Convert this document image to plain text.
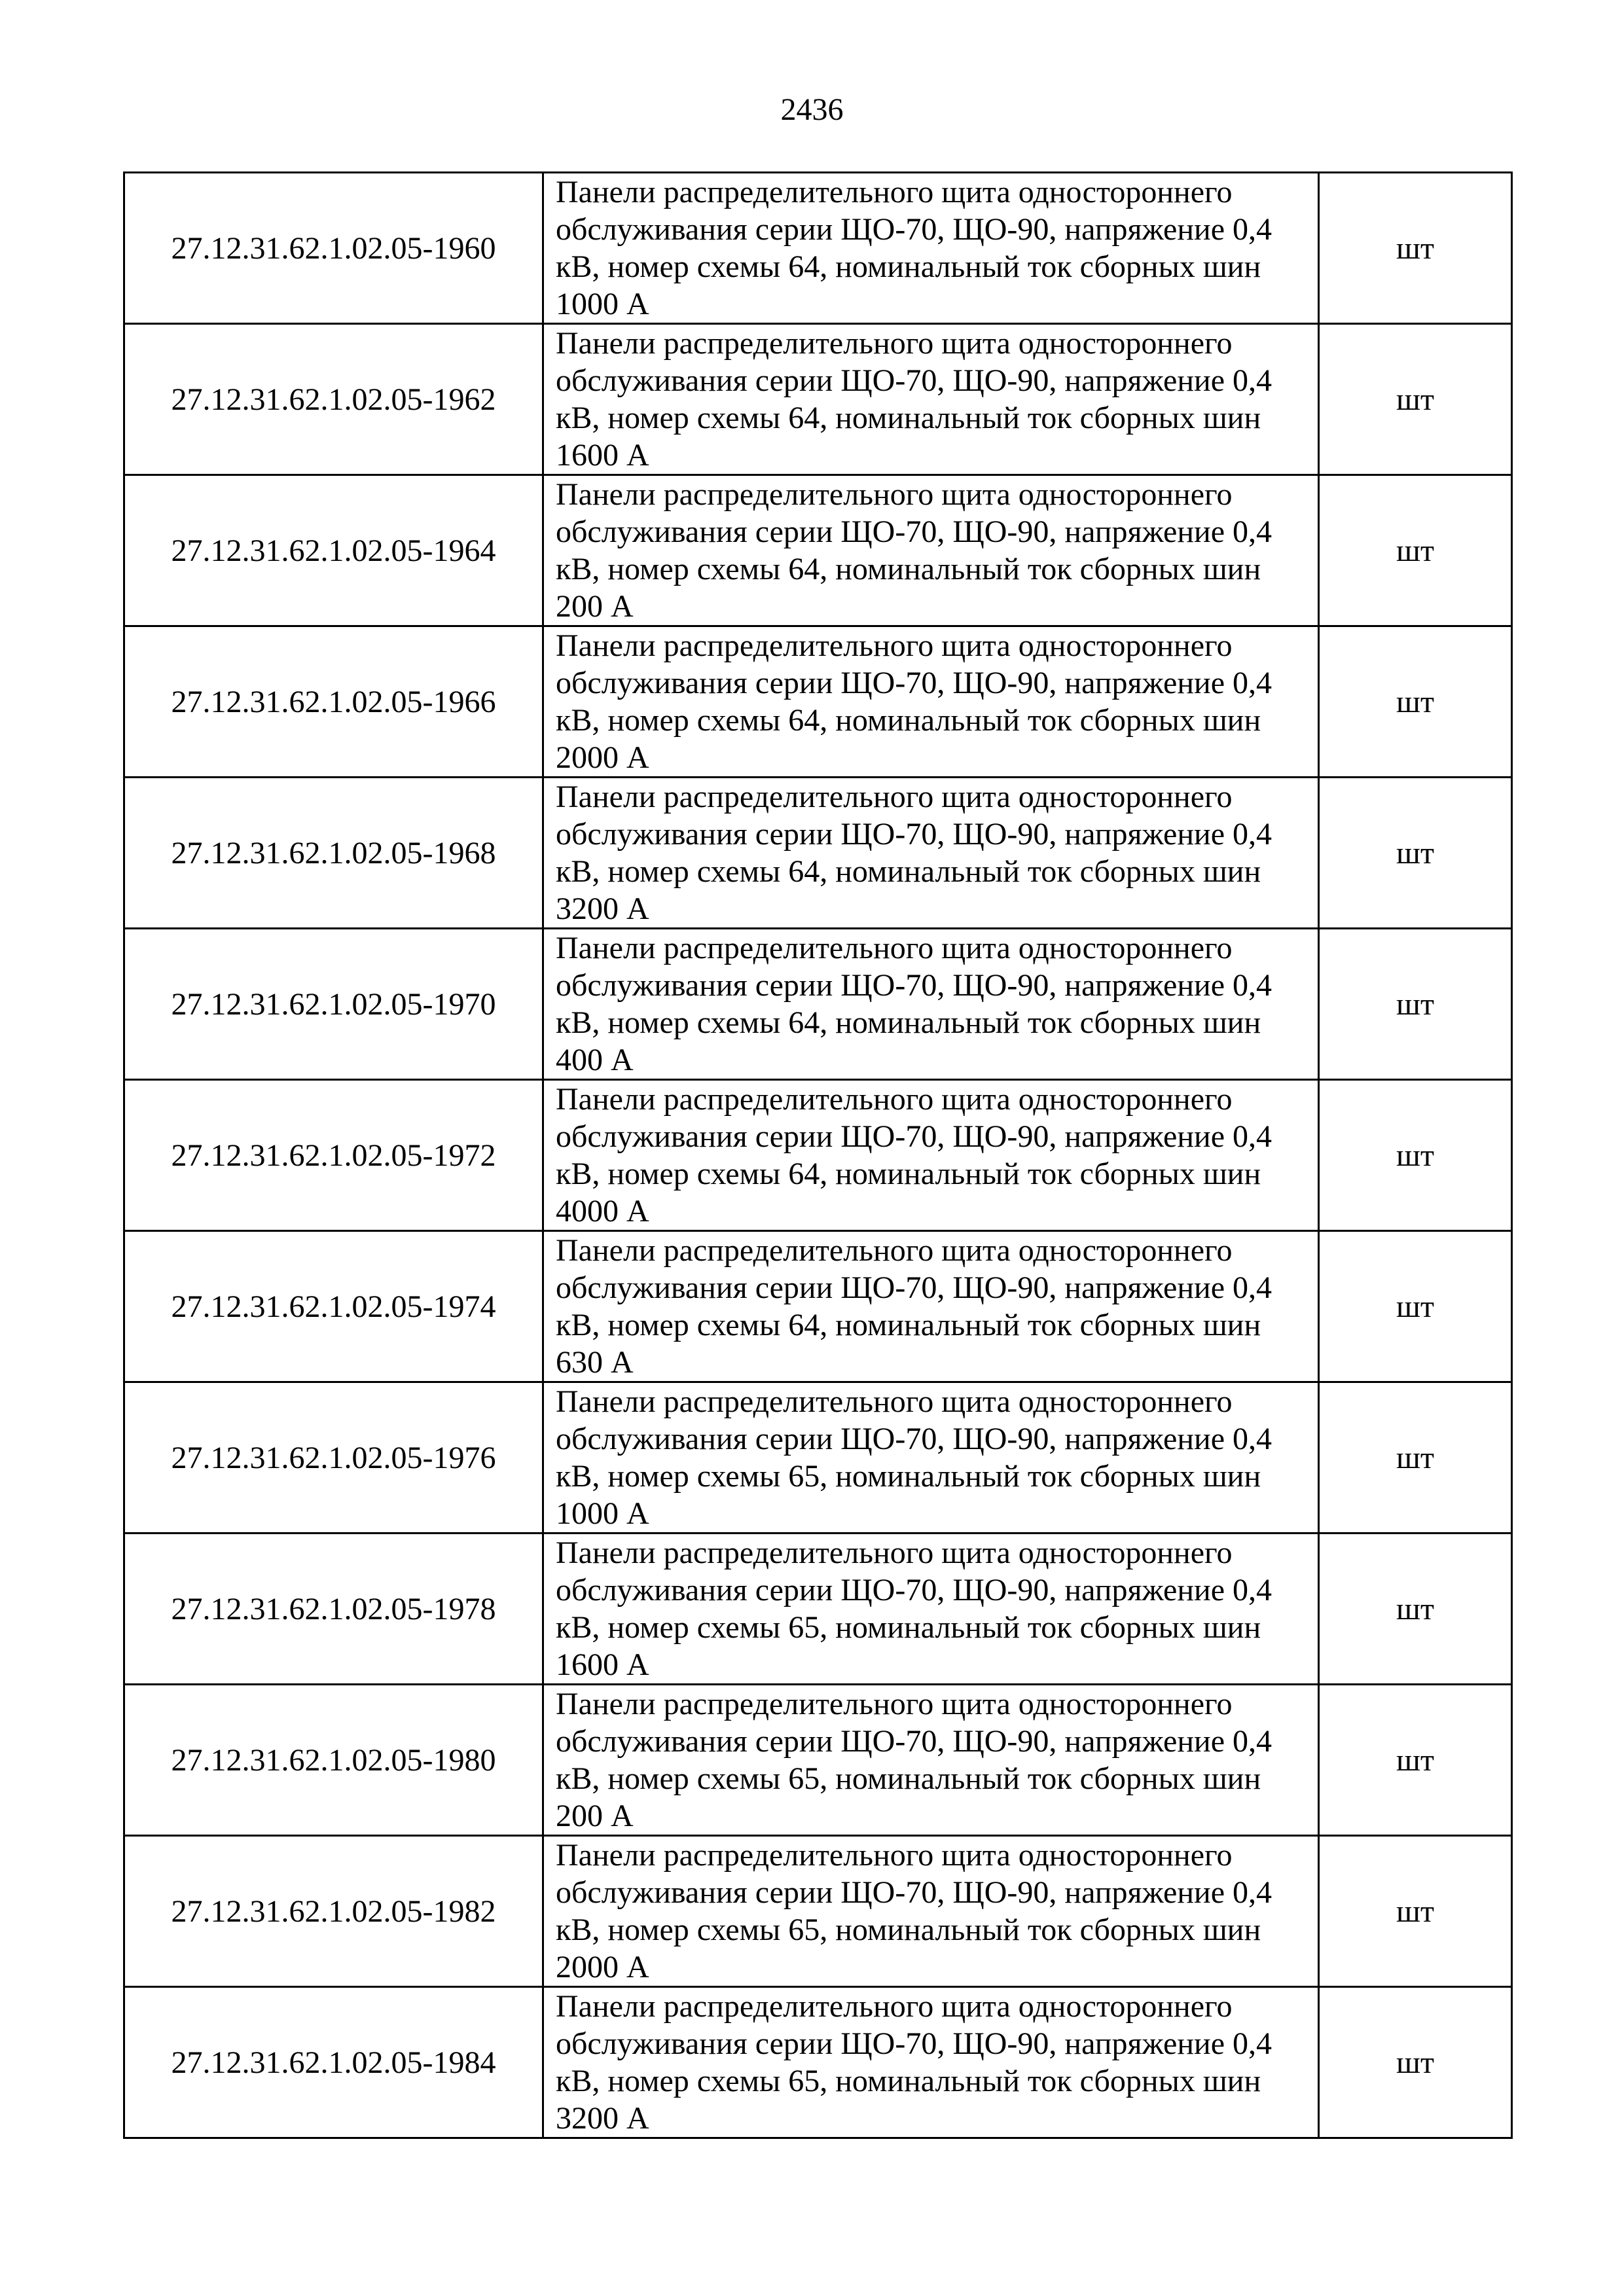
2436
27.12.31.62.1.02.05-1960	Панели распределительного щита одностороннего
обслуживания серии ЩО-70, ЩО-90, напряжение 0,4
кВ, номер схемы 64, номинальный ток сборных шин
1000 А	шт
27.12.31.62.1.02.05-1962	Панели распределительного щита одностороннего
обслуживания серии ЩО-70, ЩО-90, напряжение 0,4
кВ, номер схемы 64, номинальный ток сборных шин
1600 А	шт
27.12.31.62.1.02.05-1964	Панели распределительного щита одностороннего
обслуживания серии ЩО-70, ЩО-90, напряжение 0,4
кВ, номер схемы 64, номинальный ток сборных шин
200 А	шт
27.12.31.62.1.02.05-1966	Панели распределительного щита одностороннего
обслуживания серии ЩО-70, ЩО-90, напряжение 0,4
кВ, номер схемы 64, номинальный ток сборных шин
2000 А	шт
27.12.31.62.1.02.05-1968	Панели распределительного щита одностороннего
обслуживания серии ЩО-70, ЩО-90, напряжение 0,4
кВ, номер схемы 64, номинальный ток сборных шин
3200 А	шт
27.12.31.62.1.02.05-1970	Панели распределительного щита одностороннего
обслуживания серии ЩО-70, ЩО-90, напряжение 0,4
кВ, номер схемы 64, номинальный ток сборных шин
400 А	шт
27.12.31.62.1.02.05-1972	Панели распределительного щита одностороннего
обслуживания серии ЩО-70, ЩО-90, напряжение 0,4
кВ, номер схемы 64, номинальный ток сборных шин
4000 А	шт
27.12.31.62.1.02.05-1974	Панели распределительного щита одностороннего
обслуживания серии ЩО-70, ЩО-90, напряжение 0,4
кВ, номер схемы 64, номинальный ток сборных шин
630 А	шт
27.12.31.62.1.02.05-1976	Панели распределительного щита одностороннего
обслуживания серии ЩО-70, ЩО-90, напряжение 0,4
кВ, номер схемы 65, номинальный ток сборных шин
1000 А	шт
27.12.31.62.1.02.05-1978	Панели распределительного щита одностороннего
обслуживания серии ЩО-70, ЩО-90, напряжение 0,4
кВ, номер схемы 65, номинальный ток сборных шин
1600 А	шт
27.12.31.62.1.02.05-1980	Панели распределительного щита одностороннего
обслуживания серии ЩО-70, ЩО-90, напряжение 0,4
кВ, номер схемы 65, номинальный ток сборных шин
200 А	шт
27.12.31.62.1.02.05-1982	Панели распределительного щита одностороннего
обслуживания серии ЩО-70, ЩО-90, напряжение 0,4
кВ, номер схемы 65, номинальный ток сборных шин
2000 А	шт
27.12.31.62.1.02.05-1984	Панели распределительного щита одностороннего
обслуживания серии ЩО-70, ЩО-90, напряжение 0,4
кВ, номер схемы 65, номинальный ток сборных шин
3200 А	шт
